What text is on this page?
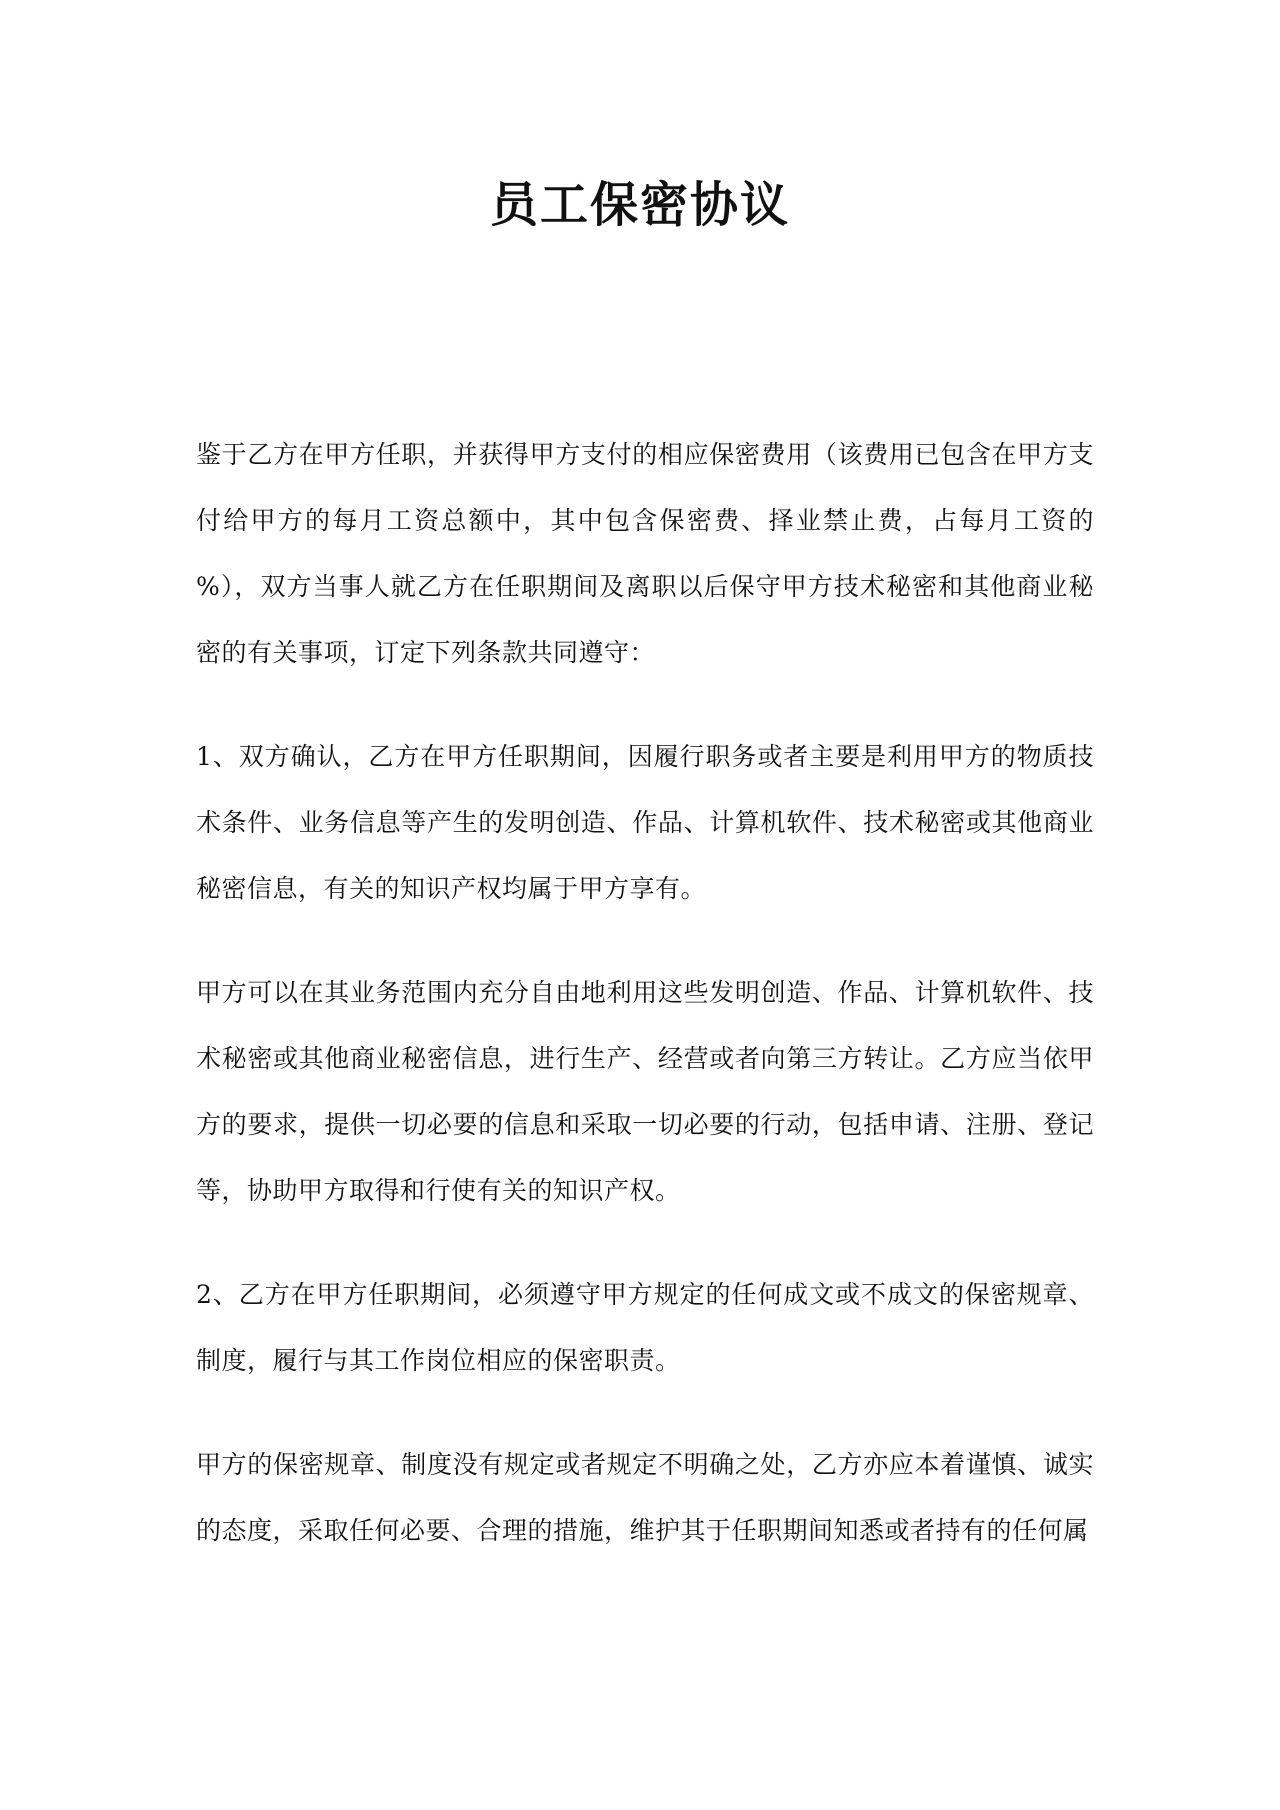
员工保密协议

鉴于乙方在甲方任职，并获得甲方支付的相应保密费用（该费用已包含在甲方支付给甲方的每月工资总额中，其中包含保密费、择业禁止费，占每月工资的 %），双方当事人就乙方在任职期间及离职以后保守甲方技术秘密和其他商业秘密的有关事项，订定下列条款共同遵守：

1、双方确认，乙方在甲方任职期间，因履行职务或者主要是利用甲方的物质技术条件、业务信息等产生的发明创造、作品、计算机软件、技术秘密或其他商业秘密信息，有关的知识产权均属于甲方享有。

甲方可以在其业务范围内充分自由地利用这些发明创造、作品、计算机软件、技术秘密或其他商业秘密信息，进行生产、经营或者向第三方转让。乙方应当依甲方的要求，提供一切必要的信息和采取一切必要的行动，包括申请、注册、登记等，协助甲方取得和行使有关的知识产权。

2、乙方在甲方任职期间，必须遵守甲方规定的任何成文或不成文的保密规章、制度，履行与其工作岗位相应的保密职责。

甲方的保密规章、制度没有规定或者规定不明确之处，乙方亦应本着谨慎、诚实的态度，采取任何必要、合理的措施，维护其于任职期间知悉或者持有的任何属
